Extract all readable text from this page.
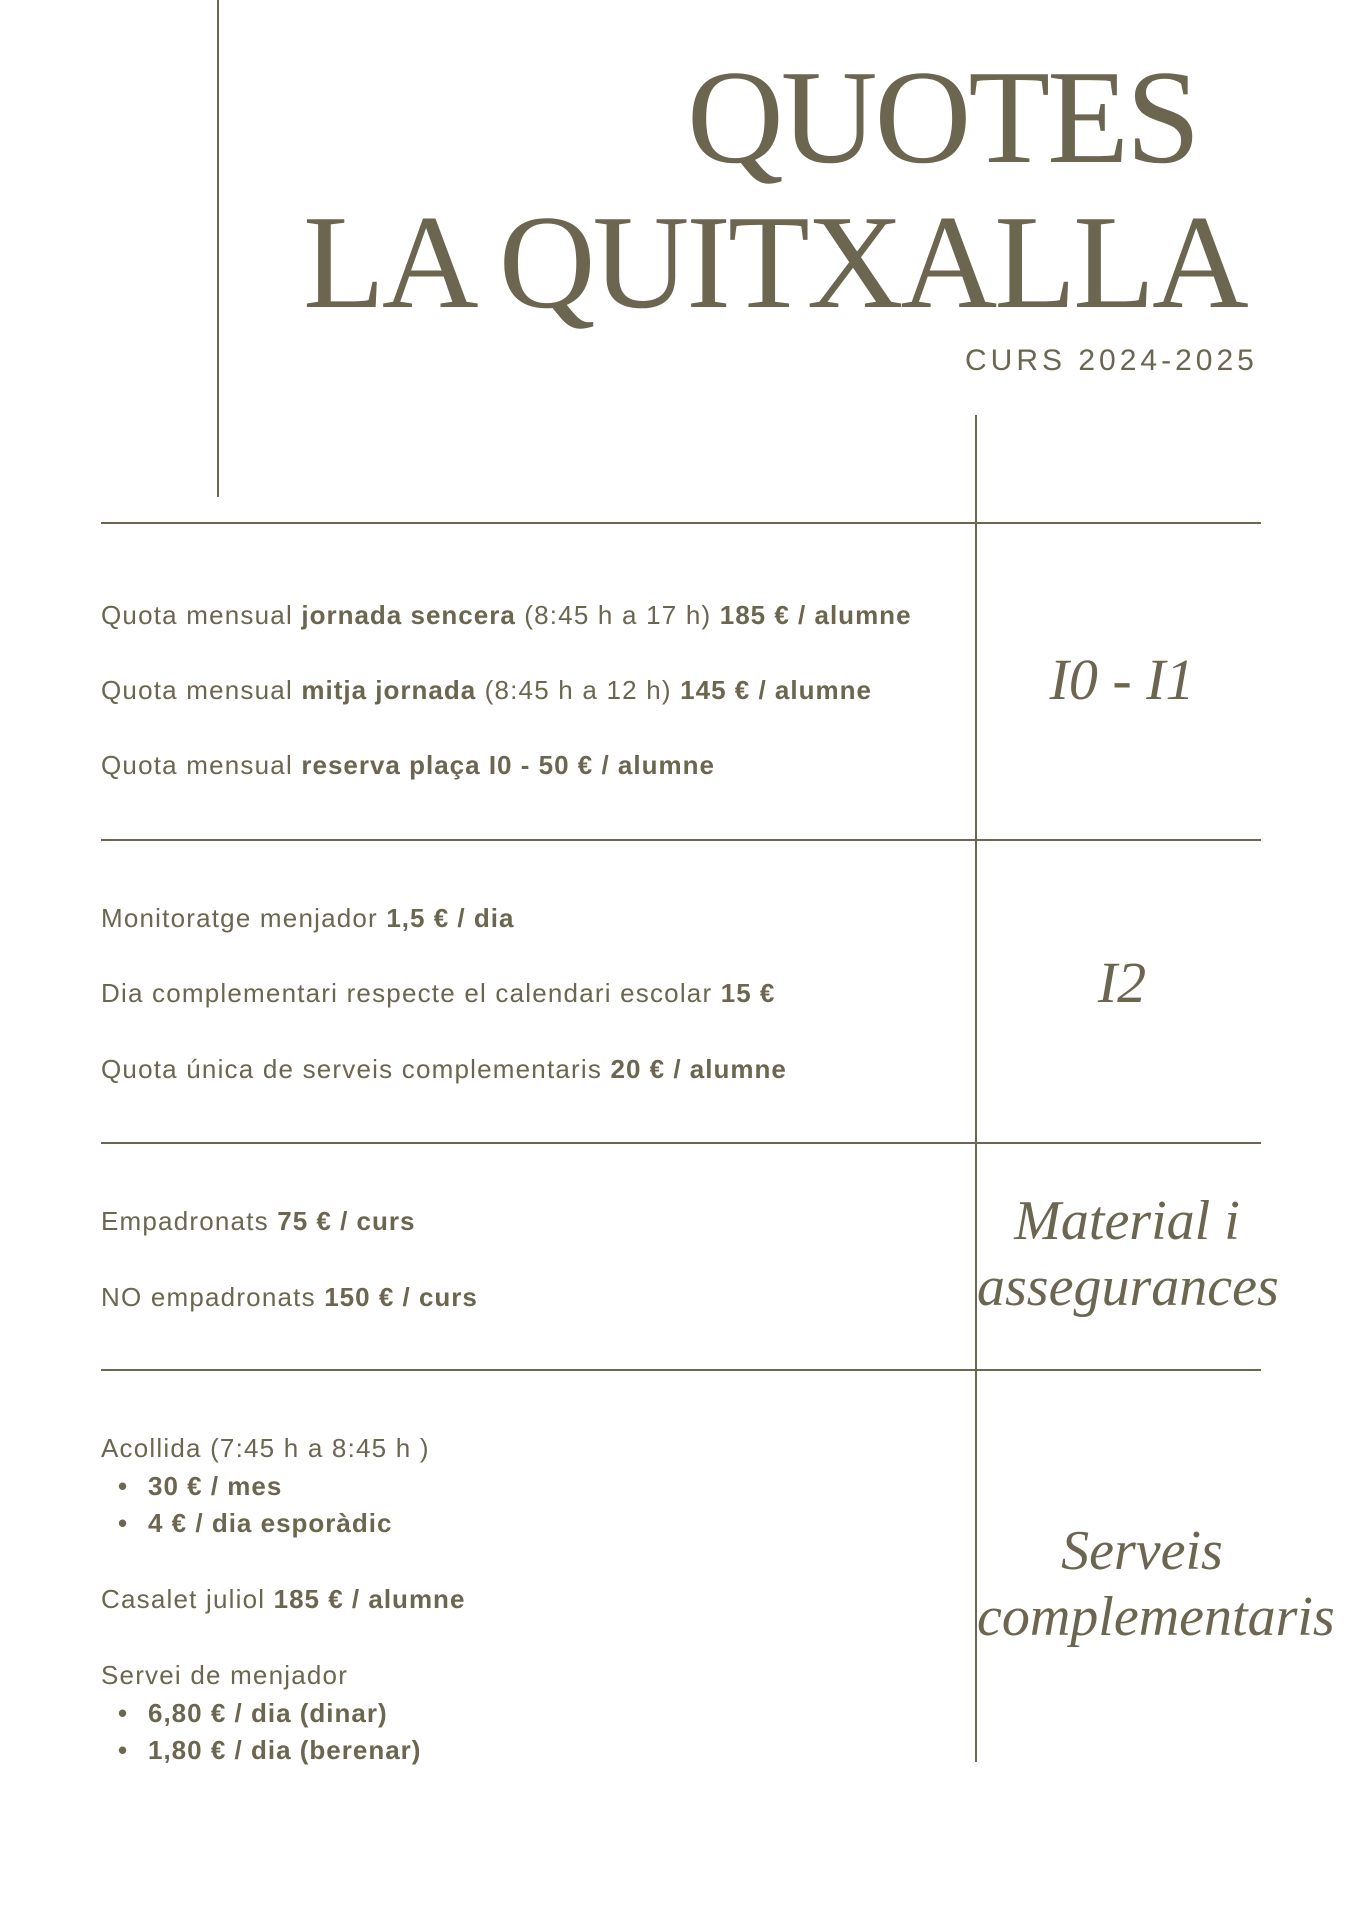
QUOTES
LA QUITXALLA
CURS 2024-2025
Quota mensual jornada sencera (8:45 h a 17 h) 185 € / alumne
Quota mensual mitja jornada (8:45 h a 12 h) 145 € / alumne
Quota mensual reserva plaça I0 - 50 € / alumne
I0 - I1
Monitoratge menjador 1,5 € / dia
Dia complementari respecte el calendari escolar 15 €
Quota única de serveis complementaris 20 € / alumne
I2
Empadronats 75 € / curs
NO empadronats 150 € / curs
Material i
assegurances
Acollida (7:45 h a 8:45 h )
• 30 € / mes
• 4 € / dia esporàdic
Casalet juliol 185 € / alumne
Servei de menjador
• 6,80 € / dia (dinar)
• 1,80 € / dia (berenar)
Serveis
complementaris
